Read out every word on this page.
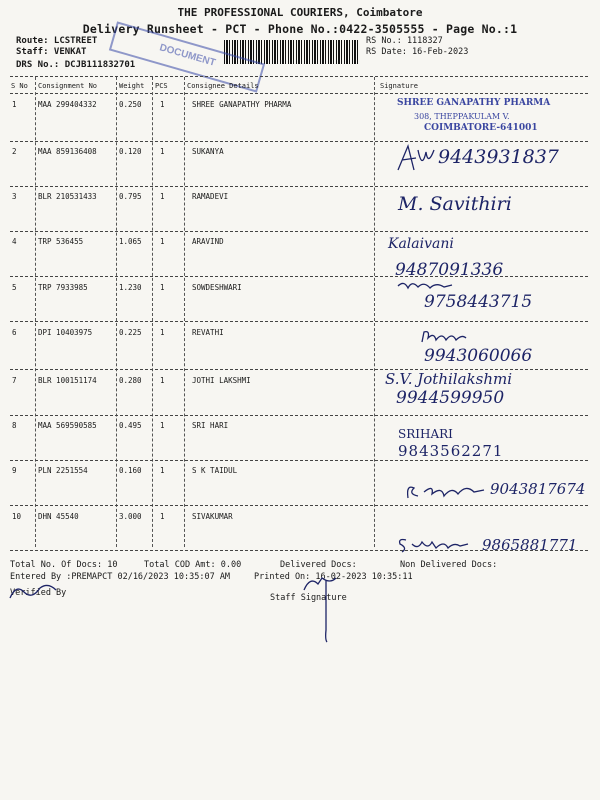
THE PROFESSIONAL COURIERS, Coimbatore
Delivery Runsheet - PCT - Phone No.:0422-3505555 - Page No.:1
Route: LCSTREET
Staff: VENKAT
DRS No.: DCJB111832701
RS No.: 1118327
RS Date: 16-Feb-2023
DOCUMENT
S No Consignment No	Weight PCS	Consignee Details	Signature
1	MAA 299404332	0.250 1	SHREE GANAPATHY PHARMA	SHREE GANAPATHY PHARMA
308, THEPPAKULAM V.
COIMBATORE-641001
2	MAA 859136408	0.120 1	SUKANYA	9443931837
3	BLR 210531433	0.795 1	RAMADEVI	M. Savithiri
4	TRP 536455	1.065 1	ARAVIND	Kalaivani
9487091336
5	TRP 7933985	1.230 1	SOWDESHWARI
9758443715
6	DPI 10403975	0.225 1	REVATHI
9943060066
7	BLR 100151174	0.280 1	JOTHI LAKSHMI	S.V. Jothilakshmi
9944599950
8	MAA 569590585	0.495 1	SRI HARI
SRIHARI
9843562271
9	PLN 2251554	0.160 1	S K TAIDUL
9043817674
10 DHN 45540	3.000 1	SIVAKUMAR
9865881771
Total No. Of Docs: 10	Total COD Amt: 0.00	Delivered Docs:	Non Delivered Docs:
Entered By :PREMAPCT 02/16/2023 10:35:07 AM	Printed On: 16-02-2023 10:35:11
Verified By	Staff Signature
